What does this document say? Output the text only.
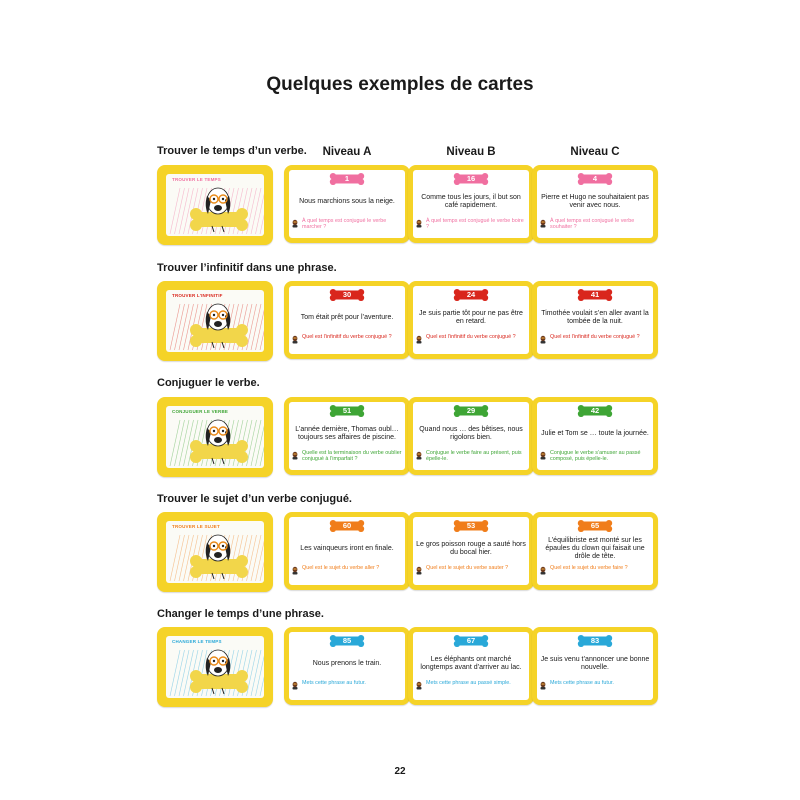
Quelques exemples de cartes
Niveau A	Niveau B	Niveau C
Trouver le temps d’un verbe.
TROUVER LE TEMPS	1
Nous marchions sous la neige.
À quel temps est conjugué le verbe marcher ?
16
Comme tous les jours, il but son café rapidement.
À quel temps est conjugué le verbe boire ?
4
Pierre et Hugo ne souhaitaient pas venir avec nous.
À quel temps est conjugué le verbe souhaiter ?
Trouver l’infinitif dans une phrase.
TROUVER L'INFINITIF	30
Tom était prêt pour l’aventure.
Quel est l’infinitif du verbe conjugué ?
24
Je suis partie tôt pour ne pas être en retard.
Quel est l’infinitif du verbe conjugué ?
41
Timothée voulait s’en aller avant la tombée de la nuit.
Quel est l’infinitif du verbe conjugué ?
Conjuguer le verbe.
CONJUGUER LE VERBE	51
L’année dernière, Thomas oubl… toujours ses affaires de piscine.
Quelle est la terminaison du verbe oublier conjugué à l’imparfait ?
29
Quand nous … des bêtises, nous rigolons bien.
Conjugue le verbe faire au présent, puis épelle-le.
42
Julie et Tom se … toute la journée.
Conjugue le verbe s’amuser au passé composé, puis épelle-le.
Trouver le sujet d’un verbe conjugué.
TROUVER LE SUJET	60
Les vainqueurs iront en finale.
Quel est le sujet du verbe aller ?
53
Le gros poisson rouge a sauté hors du bocal hier.
Quel est le sujet du verbe sauter ?
65
L’équilibriste est monté sur les épaules du clown qui faisait une drôle de tête.
Quel est le sujet du verbe faire ?
Changer le temps d’une phrase.
CHANGER LE TEMPS	85
Nous prenons le train.
Mets cette phrase au futur.
67
Les éléphants ont marché longtemps avant d’arriver au lac.
Mets cette phrase au passé simple.
83
Je suis venu t’annoncer une bonne nouvelle.
Mets cette phrase au futur.
22
